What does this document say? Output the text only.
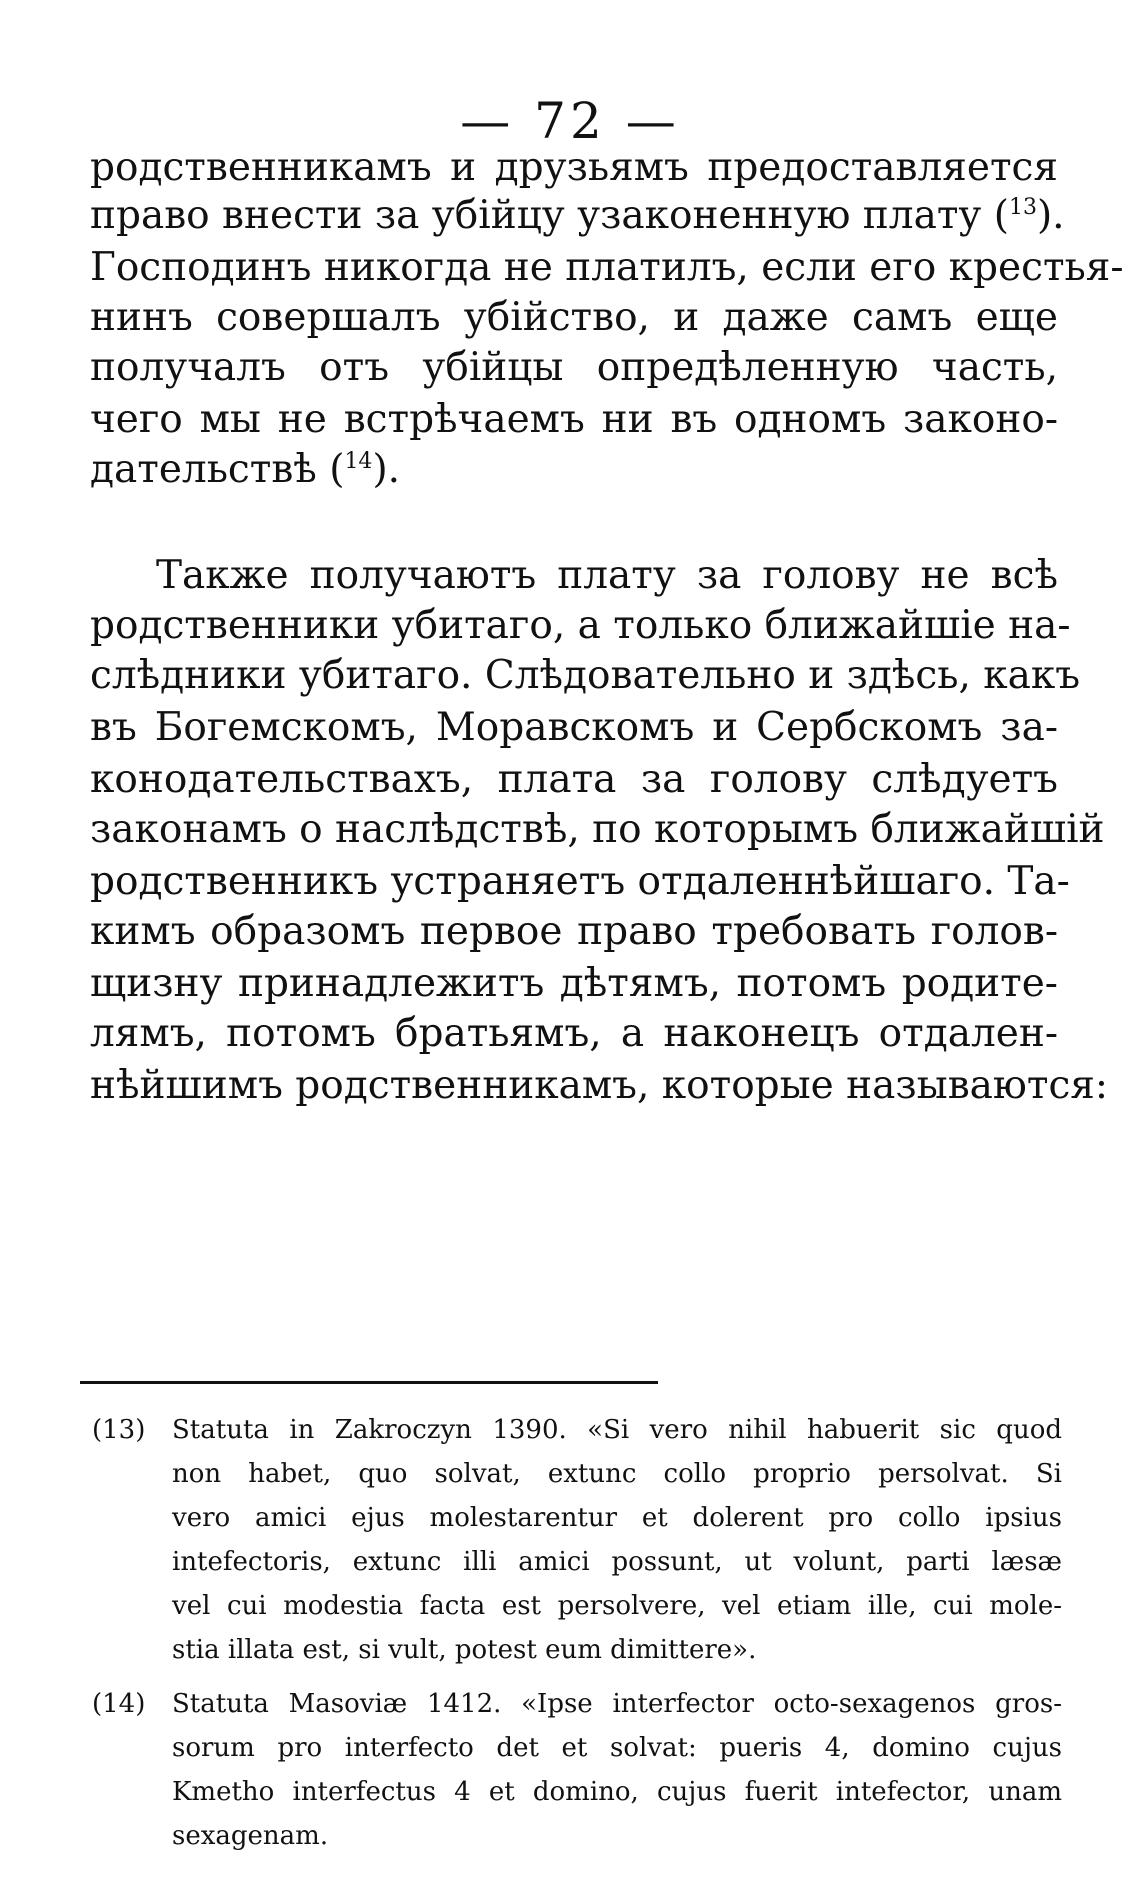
— 72 —
родственникамъ и друзьямъ предоставляется
право внести за убійцу узаконенную плату ($^{13}$).
Господинъ никогда не платилъ, если его крестья-
нинъ совершалъ убійство, и даже самъ еще
получалъ отъ убійцы опредѣленную часть,
чего мы не встрѣчаемъ ни въ одномъ законо-
дательствѣ ($^{14}$).
Также получаютъ плату за голову не всѣ
родственники убитаго, а только ближайшіе на-
слѣдники убитаго. Слѣдовательно и здѣсь, какъ
въ Богемскомъ, Моравскомъ и Сербскомъ за-
конодательствахъ, плата за голову слѣдуетъ
законамъ о наслѣдствѣ, по которымъ ближайшій
родственникъ устраняетъ отдаленнѣйшаго. Та-
кимъ образомъ первое право требовать голов-
щизну принадлежитъ дѣтямъ, потомъ родите-
лямъ, потомъ братьямъ, а наконецъ отдален-
нѣйшимъ родственникамъ, которые называются:
(13) Statuta in Zakroczyn 1390. «Si vero nihil habuerit sic quod
non habet, quo solvat, extunc collo proprio persolvat. Si
vero amici ejus molestarentur et dolerent pro collo ipsius
intefectoris, extunc illi amici possunt, ut volunt, parti læsæ
vel cui modestia facta est persolvere, vel etiam ille, cui mole-
stia illata est, si vult, potest eum dimittere».
(14) Statuta Masoviæ 1412. «Ipse interfector octo-sexagenos gros-
sorum pro interfecto det et solvat: pueris 4, domino cujus
Kmetho interfectus 4 et domino, cujus fuerit intefector, unam
sexagenam.
